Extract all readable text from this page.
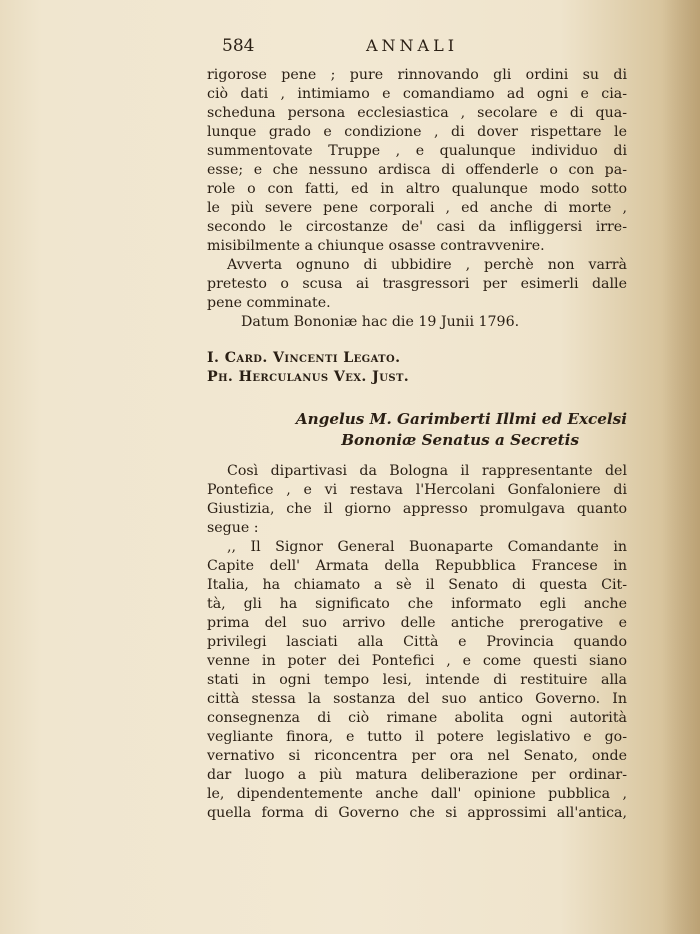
584	ANNALI
rigorose pene ; pure rinnovando gli ordini su di
ciò dati , intimiamo e comandiamo ad ogni e cia-
scheduna persona ecclesiastica , secolare e di qua-
lunque grado e condizione , di dover rispettare le
summentovate Truppe , e qualunque individuo di
esse; e che nessuno ardisca di offenderle o con pa-
role o con fatti, ed in altro qualunque modo sotto
le più severe pene corporali , ed anche di morte ,
secondo le circostanze de' casi da infliggersi irre-
misibilmente a chiunque osasse contravvenire.
Avverta ognuno di ubbidire , perchè non varrà
pretesto o scusa ai trasgressori per esimerli dalle
pene comminate.
Datum Bononiæ hac die 19 Junii 1796.
I. Card. Vincenti Legato.
Ph. Herculanus Vex. Just.
Angelus M. Garimberti Illmi ed Excelsi
Bononiæ Senatus a Secretis
Così dipartivasi da Bologna il rappresentante del
Pontefice , e vi restava l'Hercolani Gonfaloniere di
Giustizia, che il giorno appresso promulgava quanto
segue :
,, Il Signor General Buonaparte Comandante in
Capite dell' Armata della Repubblica Francese in
Italia, ha chiamato a sè il Senato di questa Cit-
tà, gli ha significato che informato egli anche
prima del suo arrivo delle antiche prerogative e
privilegi lasciati alla Città e Provincia quando
venne in poter dei Pontefici , e come questi siano
stati in ogni tempo lesi, intende di restituire alla
città stessa la sostanza del suo antico Governo. In
consegnenza di ciò rimane abolita ogni autorità
vegliante finora, e tutto il potere legislativo e go-
vernativo si riconcentra per ora nel Senato, onde
dar luogo a più matura deliberazione per ordinar-
le, dipendentemente anche dall' opinione pubblica ,
quella forma di Governo che si approssimi all'antica,
